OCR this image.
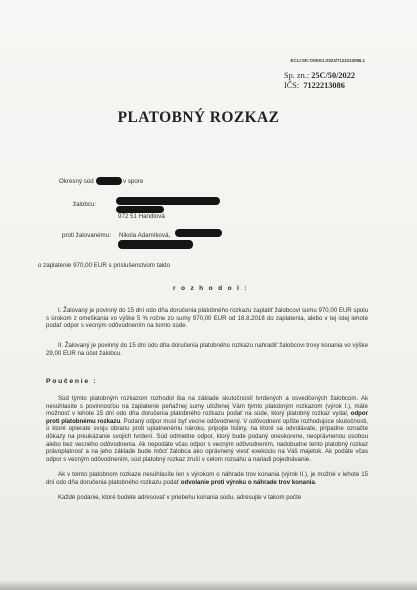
ECLI:SK:OSKE1:2023/7122213086.1
Sp. zn.: 25C/50/2022
IČS: 7122213086
PLATOBNÝ ROZKAZ
Okresný súd	v spore
žalobcu:
972 51 Handlová
proti žalovanému: Nikola Adamíková,
o zaplatenie 970,00 EUR s príslušenstvom takto
r o z h o d o l :
I. Žalovaný je povinný do 15 dní odo dňa doručenia platobného rozkazu zaplatiť žalobcovi sumu 970,00 EUR spolu s úrokom z omeškania vo výške 5 % ročne zo sumy 970,00 EUR od 16.8.2018 do zaplatenia, alebo v tej istej lehote podať odpor s vecným odôvodnením na tomto súde.
II. Žalovaný je povinný do 15 dní odo dňa doručenia platobného rozkazu nahradiť žalobcovi trovy konania vo výške 29,00 EUR na účet žalobcu.
Poučenie :
Súd týmto platobným rozkazom rozhodol iba na základe skutočností tvrdených a osvedčených žalobcom. Ak nesúhlasíte s povinnosťou na zaplatenie peňažnej sumy uloženej Vám týmto platobným rozkazom (výrok I.), máte možnosť v lehote 15 dní odo dňa doručenia platobného rozkazu podať na súde, ktorý platobný rozkaz vydal, odpor proti platobnému rozkazu. Podaný odpor musí byť vecne odôvodnený. V odôvodnení opíšte rozhodujúce skutočnosti, o ktoré opierate svoju obranu proti uplatnenému nároku, pripojte listiny, na ktoré sa odvolávate, prípadne označte dôkazy na preukázanie svojich tvrdení. Súd odmietne odpor, ktorý bude podaný oneskorene, neoprávnenou osobou alebo bez vecného odôvodnenia. Ak nepodáte včas odpor s vecným odôvodnením, nadobudne tento platobný rozkaz právoplatnosť a na jeho základe bude môcť žalobca ako oprávnený viesť exekúciu na Váš majetok. Ak podáte včas odpor s vecným odôvodnením, súd platobný rozkaz zruší v celom rozsahu a nariadi pojednávanie.
Ak v tomto platobnom rozkaze nesúhlasíte len s výrokom o náhrade trov konania (výrok II.), je možné v lehote 15 dní odo dňa doručenia platobného rozkazu podať odvolanie proti výroku o náhrade trov konania.
Každé podanie, ktoré budete adresovať v priebehu konania súdu, adresujte v takom počte
